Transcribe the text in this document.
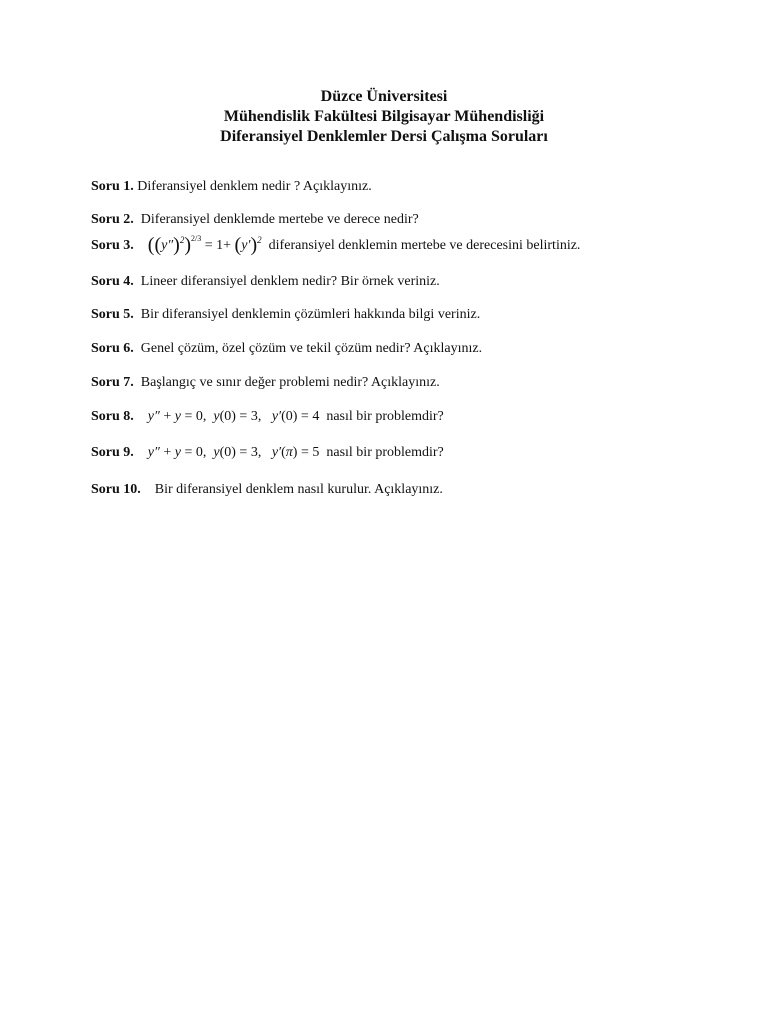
Düzce Üniversitesi
Mühendislik Fakültesi Bilgisayar Mühendisliği
Diferansiyel Denklemler Dersi Çalışma Soruları
Soru 1. Diferansiyel denklem nedir ? Açıklayınız.
Soru 2. Diferansiyel denklemde mertebe ve derece nedir?
Soru 3. $((y'')^2)^{2/3} = 1+ (y')^2$ diferansiyel denklemin mertebe ve derecesini belirtiniz.
Soru 4. Lineer diferansiyel denklem nedir? Bir örnek veriniz.
Soru 5. Bir diferansiyel denklemin çözümleri hakkında bilgi veriniz.
Soru 6. Genel çözüm, özel çözüm ve tekil çözüm nedir? Açıklayınız.
Soru 7. Başlangıç ve sınır değer problemi nedir? Açıklayınız.
Soru 8. y″ + y = 0,  y(0) = 3,   y′(0) = 4 nasıl bir problemdir?
Soru 9. y″ + y = 0,  y(0) = 3,   y′(π) = 5 nasıl bir problemdir?
Soru 10. Bir diferansiyel denklem nasıl kurulur. Açıklayınız.
